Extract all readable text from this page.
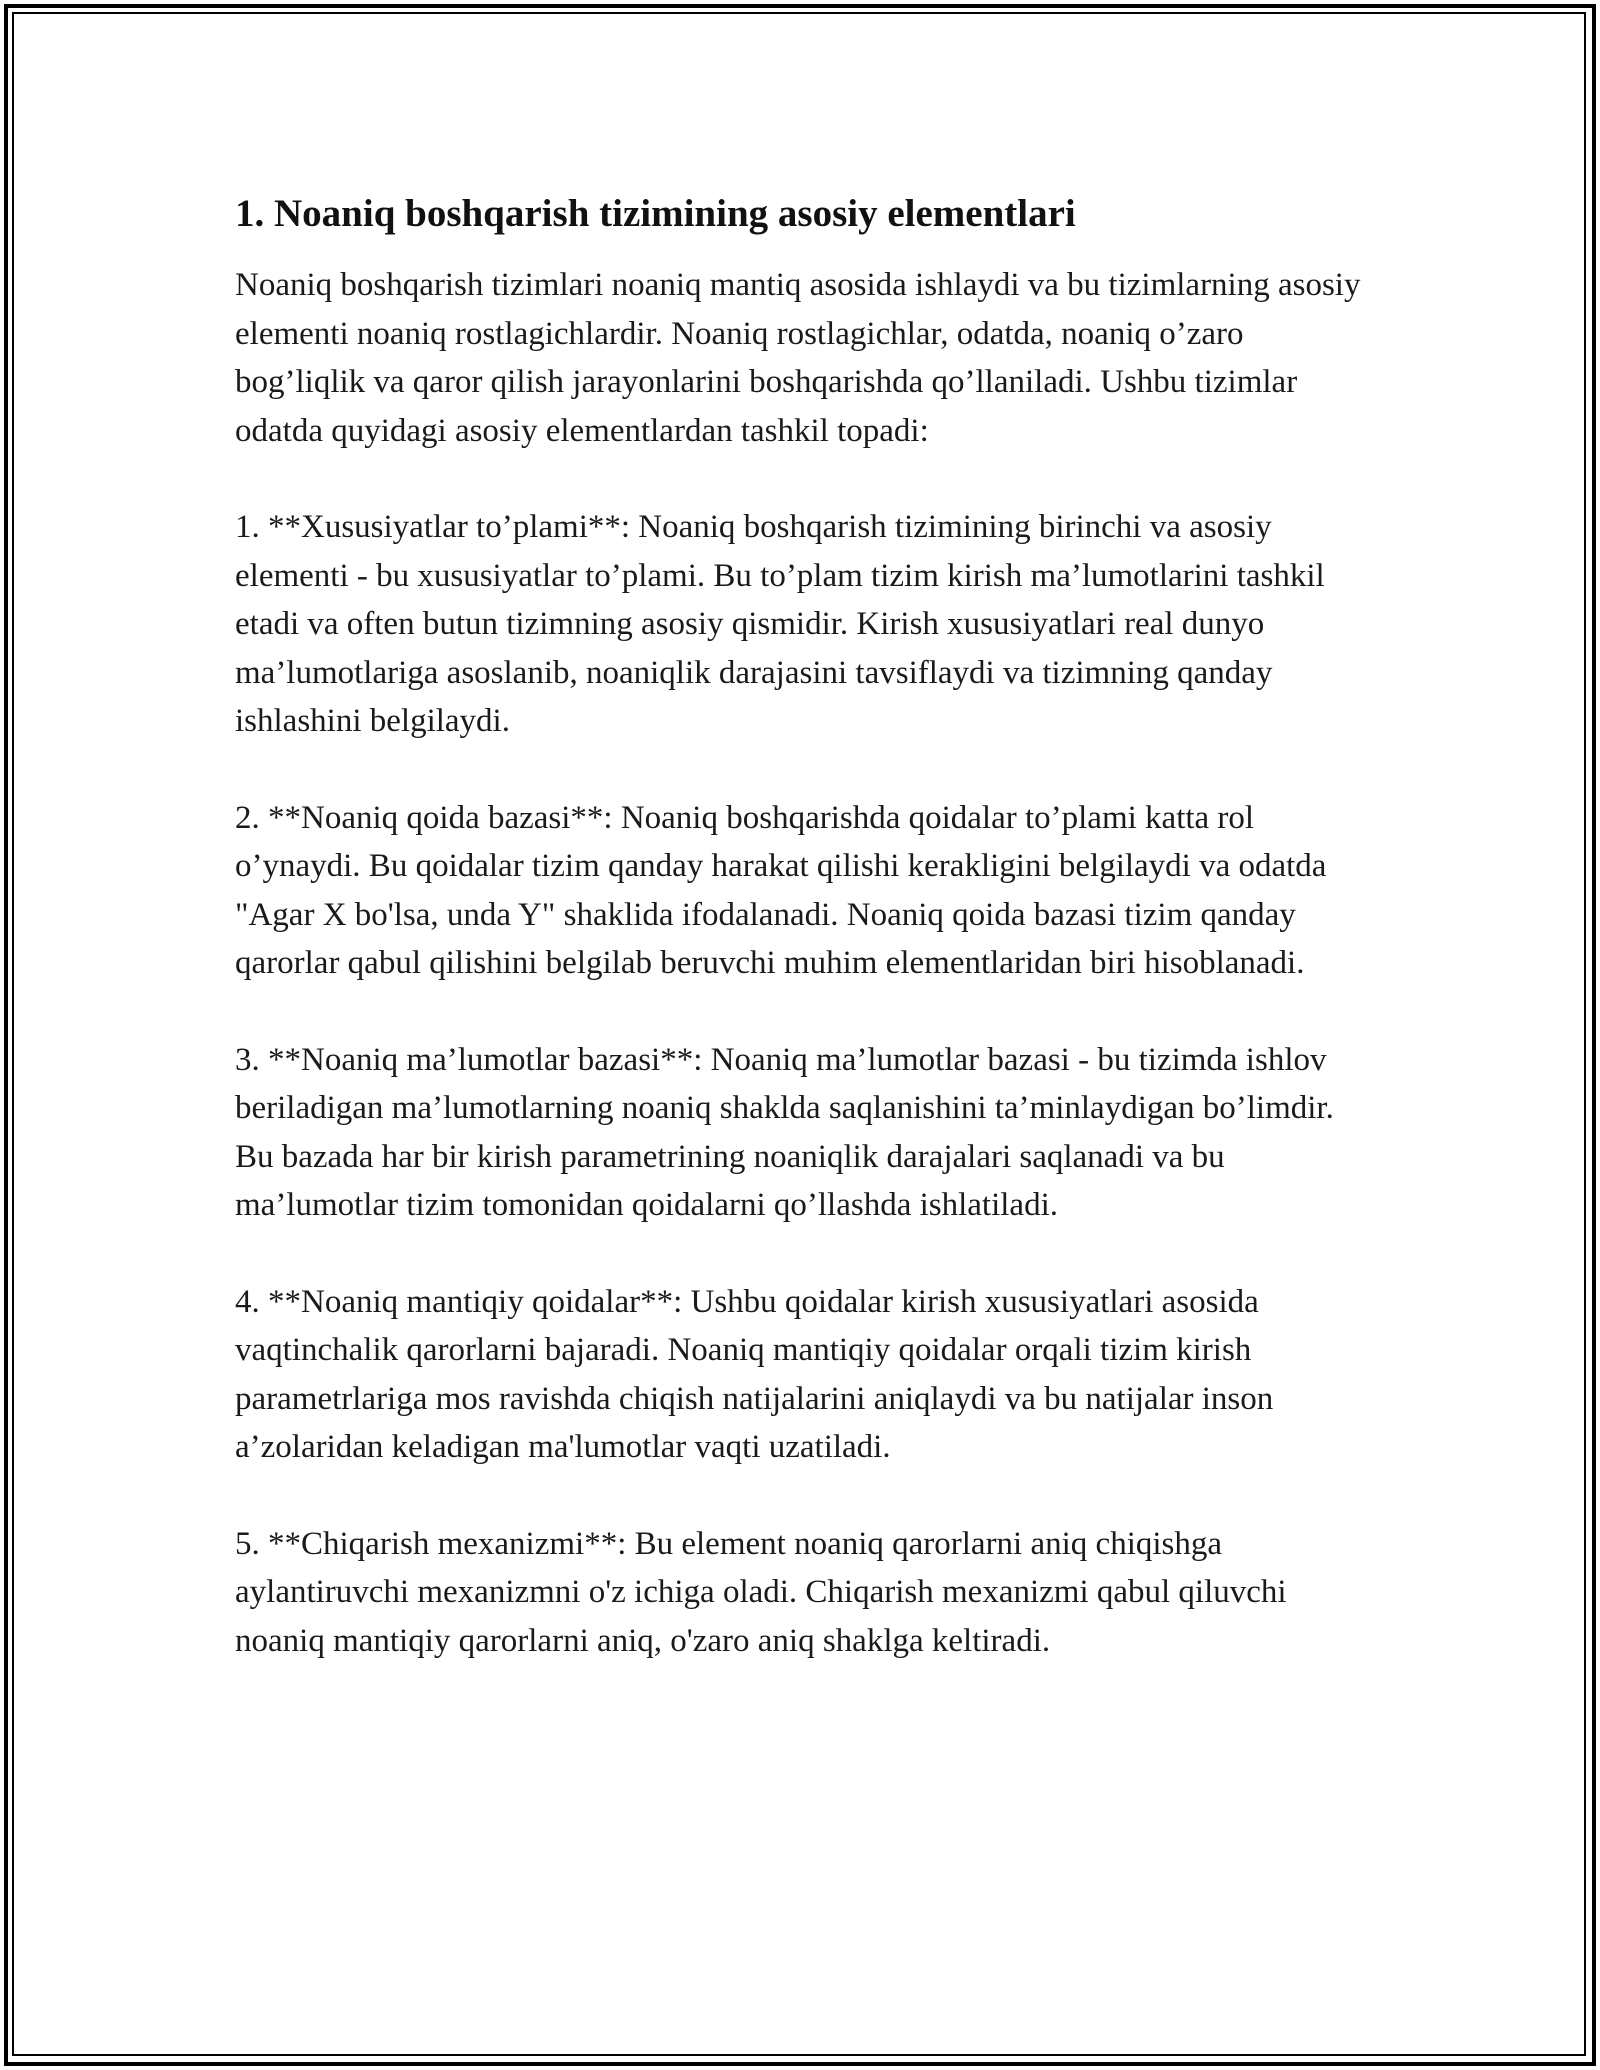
1. Noaniq boshqarish tizimining asosiy elementlari

Noaniq boshqarish tizimlari noaniq mantiq asosida ishlaydi va bu tizimlarning asosiy elementi noaniq rostlagichlardir. Noaniq rostlagichlar, odatda, noaniq o’zaro bog’liqlik va qaror qilish jarayonlarini boshqarishda qo’llaniladi. Ushbu tizimlar odatda quyidagi asosiy elementlardan tashkil topadi:

1. **Xususiyatlar to’plami**: Noaniq boshqarish tizimining birinchi va asosiy elementi - bu xususiyatlar to’plami. Bu to’plam tizim kirish ma’lumotlarini tashkil etadi va often butun tizimning asosiy qismidir. Kirish xususiyatlari real dunyo ma’lumotlariga asoslanib, noaniqlik darajasini tavsiflaydi va tizimning qanday ishlashini belgilaydi.

2. **Noaniq qoida bazasi**: Noaniq boshqarishda qoidalar to’plami katta rol o’ynaydi. Bu qoidalar tizim qanday harakat qilishi kerakligini belgilaydi va odatda "Agar X bo'lsa, unda Y" shaklida ifodalanadi. Noaniq qoida bazasi tizim qanday qarorlar qabul qilishini belgilab beruvchi muhim elementlaridan biri hisoblanadi.

3. **Noaniq ma’lumotlar bazasi**: Noaniq ma’lumotlar bazasi - bu tizimda ishlov beriladigan ma’lumotlarning noaniq shaklda saqlanishini ta’minlaydigan bo’limdir. Bu bazada har bir kirish parametrining noaniqlik darajalari saqlanadi va bu ma’lumotlar tizim tomonidan qoidalarni qo’llashda ishlatiladi.

4. **Noaniq mantiqiy qoidalar**: Ushbu qoidalar kirish xususiyatlari asosida vaqtinchalik qarorlarni bajaradi. Noaniq mantiqiy qoidalar orqali tizim kirish parametrlariga mos ravishda chiqish natijalarini aniqlaydi va bu natijalar inson a’zolaridan keladigan ma'lumotlar vaqti uzatiladi.

5. **Chiqarish mexanizmi**: Bu element noaniq qarorlarni aniq chiqishga aylantiruvchi mexanizmni o'z ichiga oladi. Chiqarish mexanizmi qabul qiluvchi noaniq mantiqiy qarorlarni aniq, o'zaro aniq shaklga keltiradi.
